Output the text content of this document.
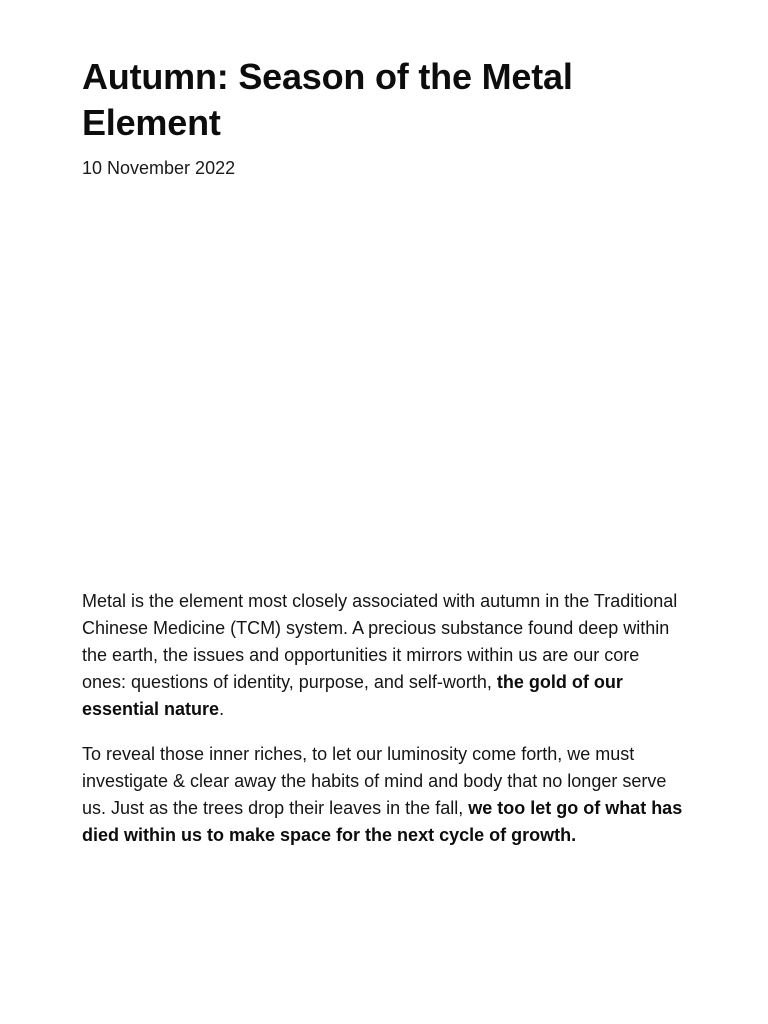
Autumn: Season of the Metal Element
10 November 2022

Metal is the element most closely associated with autumn in the Traditional Chinese Medicine (TCM) system. A precious substance found deep within the earth, the issues and opportunities it mirrors within us are our core ones: questions of identity, purpose, and self-worth, the gold of our essential nature.

To reveal those inner riches, to let our luminosity come forth, we must investigate & clear away the habits of mind and body that no longer serve us. Just as the trees drop their leaves in the fall, we too let go of what has died within us to make space for the next cycle of growth.
